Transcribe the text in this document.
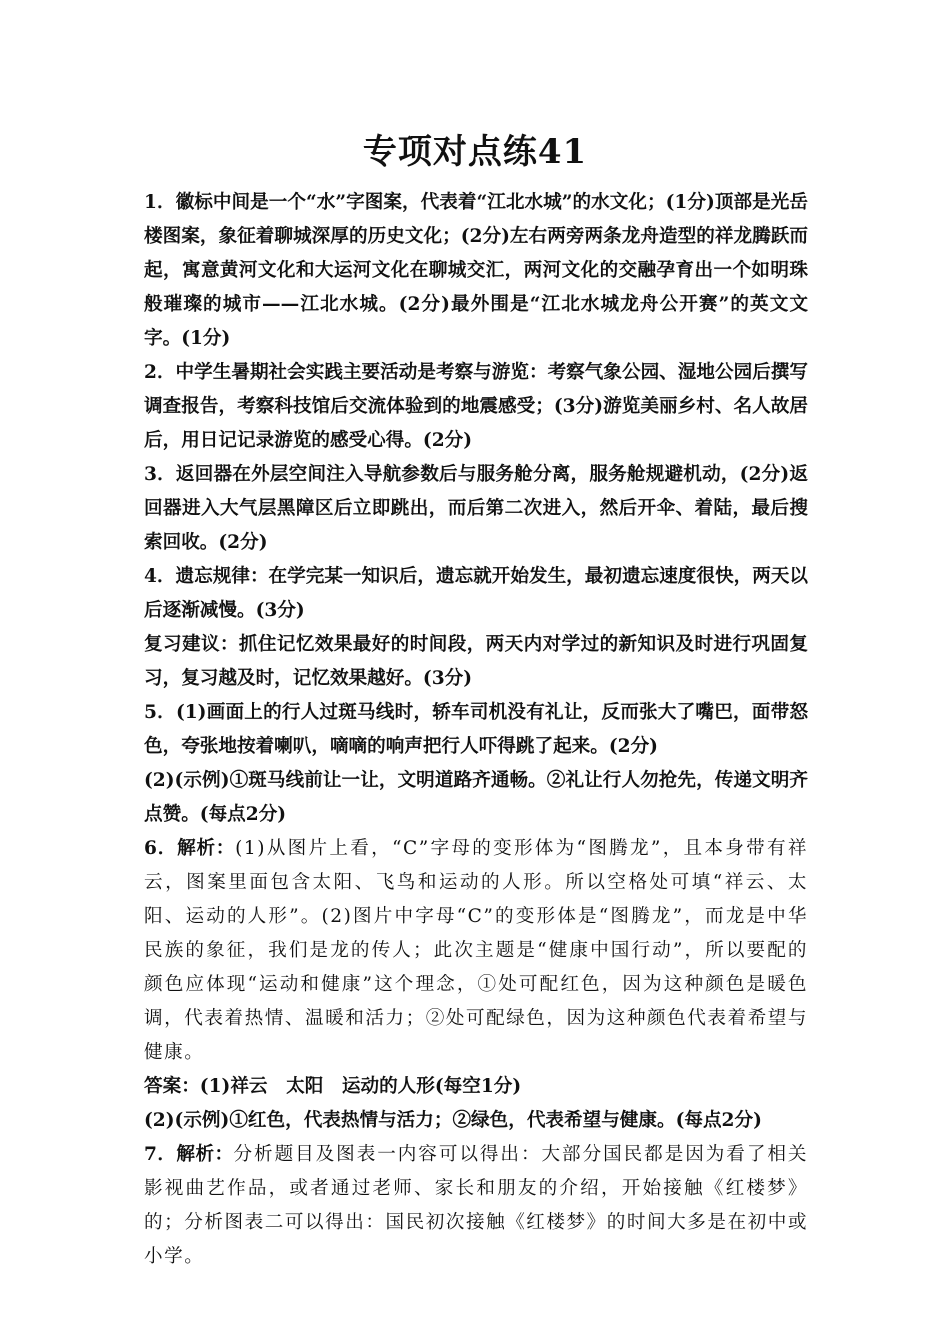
专项对点练41

1．徽标中间是一个“水”字图案，代表着“江北水城”的水文化；(1分)顶部是光岳楼图案，象征着聊城深厚的历史文化；(2分)左右两旁两条龙舟造型的祥龙腾跃而起，寓意黄河文化和大运河文化在聊城交汇，两河文化的交融孕育出一个如明珠般璀璨的城市——江北水城。(2分)最外围是“江北水城龙舟公开赛”的英文文字。(1分)

2．中学生暑期社会实践主要活动是考察与游览：考察气象公园、湿地公园后撰写调查报告，考察科技馆后交流体验到的地震感受；(3分)游览美丽乡村、名人故居后，用日记记录游览的感受心得。(2分)

3．返回器在外层空间注入导航参数后与服务舱分离，服务舱规避机动，(2分)返回器进入大气层黑障区后立即跳出，而后第二次进入，然后开伞、着陆，最后搜索回收。(2分)

4．遗忘规律：在学完某一知识后，遗忘就开始发生，最初遗忘速度很快，两天以后逐渐减慢。(3分)

复习建议：抓住记忆效果最好的时间段，两天内对学过的新知识及时进行巩固复习，复习越及时，记忆效果越好。(3分)

5．(1)画面上的行人过斑马线时，轿车司机没有礼让，反而张大了嘴巴，面带怒色，夸张地按着喇叭，嘀嘀的响声把行人吓得跳了起来。(2分)

(2)(示例)①斑马线前让一让，文明道路齐通畅。②礼让行人勿抢先，传递文明齐点赞。(每点2分)

6．解析：(1)从图片上看，“C”字母的变形体为“图腾龙”，且本身带有祥云，图案里面包含太阳、飞鸟和运动的人形。所以空格处可填“祥云、太阳、运动的人形”。(2)图片中字母“C”的变形体是“图腾龙”，而龙是中华民族的象征，我们是龙的传人；此次主题是“健康中国行动”，所以要配的颜色应体现“运动和健康”这个理念，①处可配红色，因为这种颜色是暖色调，代表着热情、温暖和活力；②处可配绿色，因为这种颜色代表着希望与健康。

答案：(1)祥云　太阳　运动的人形(每空1分)

(2)(示例)①红色，代表热情与活力；②绿色，代表希望与健康。(每点2分)

7．解析：分析题目及图表一内容可以得出：大部分国民都是因为看了相关影视曲艺作品，或者通过老师、家长和朋友的介绍，开始接触《红楼梦》的；分析图表二可以得出：国民初次接触《红楼梦》的时间大多是在初中或小学。
